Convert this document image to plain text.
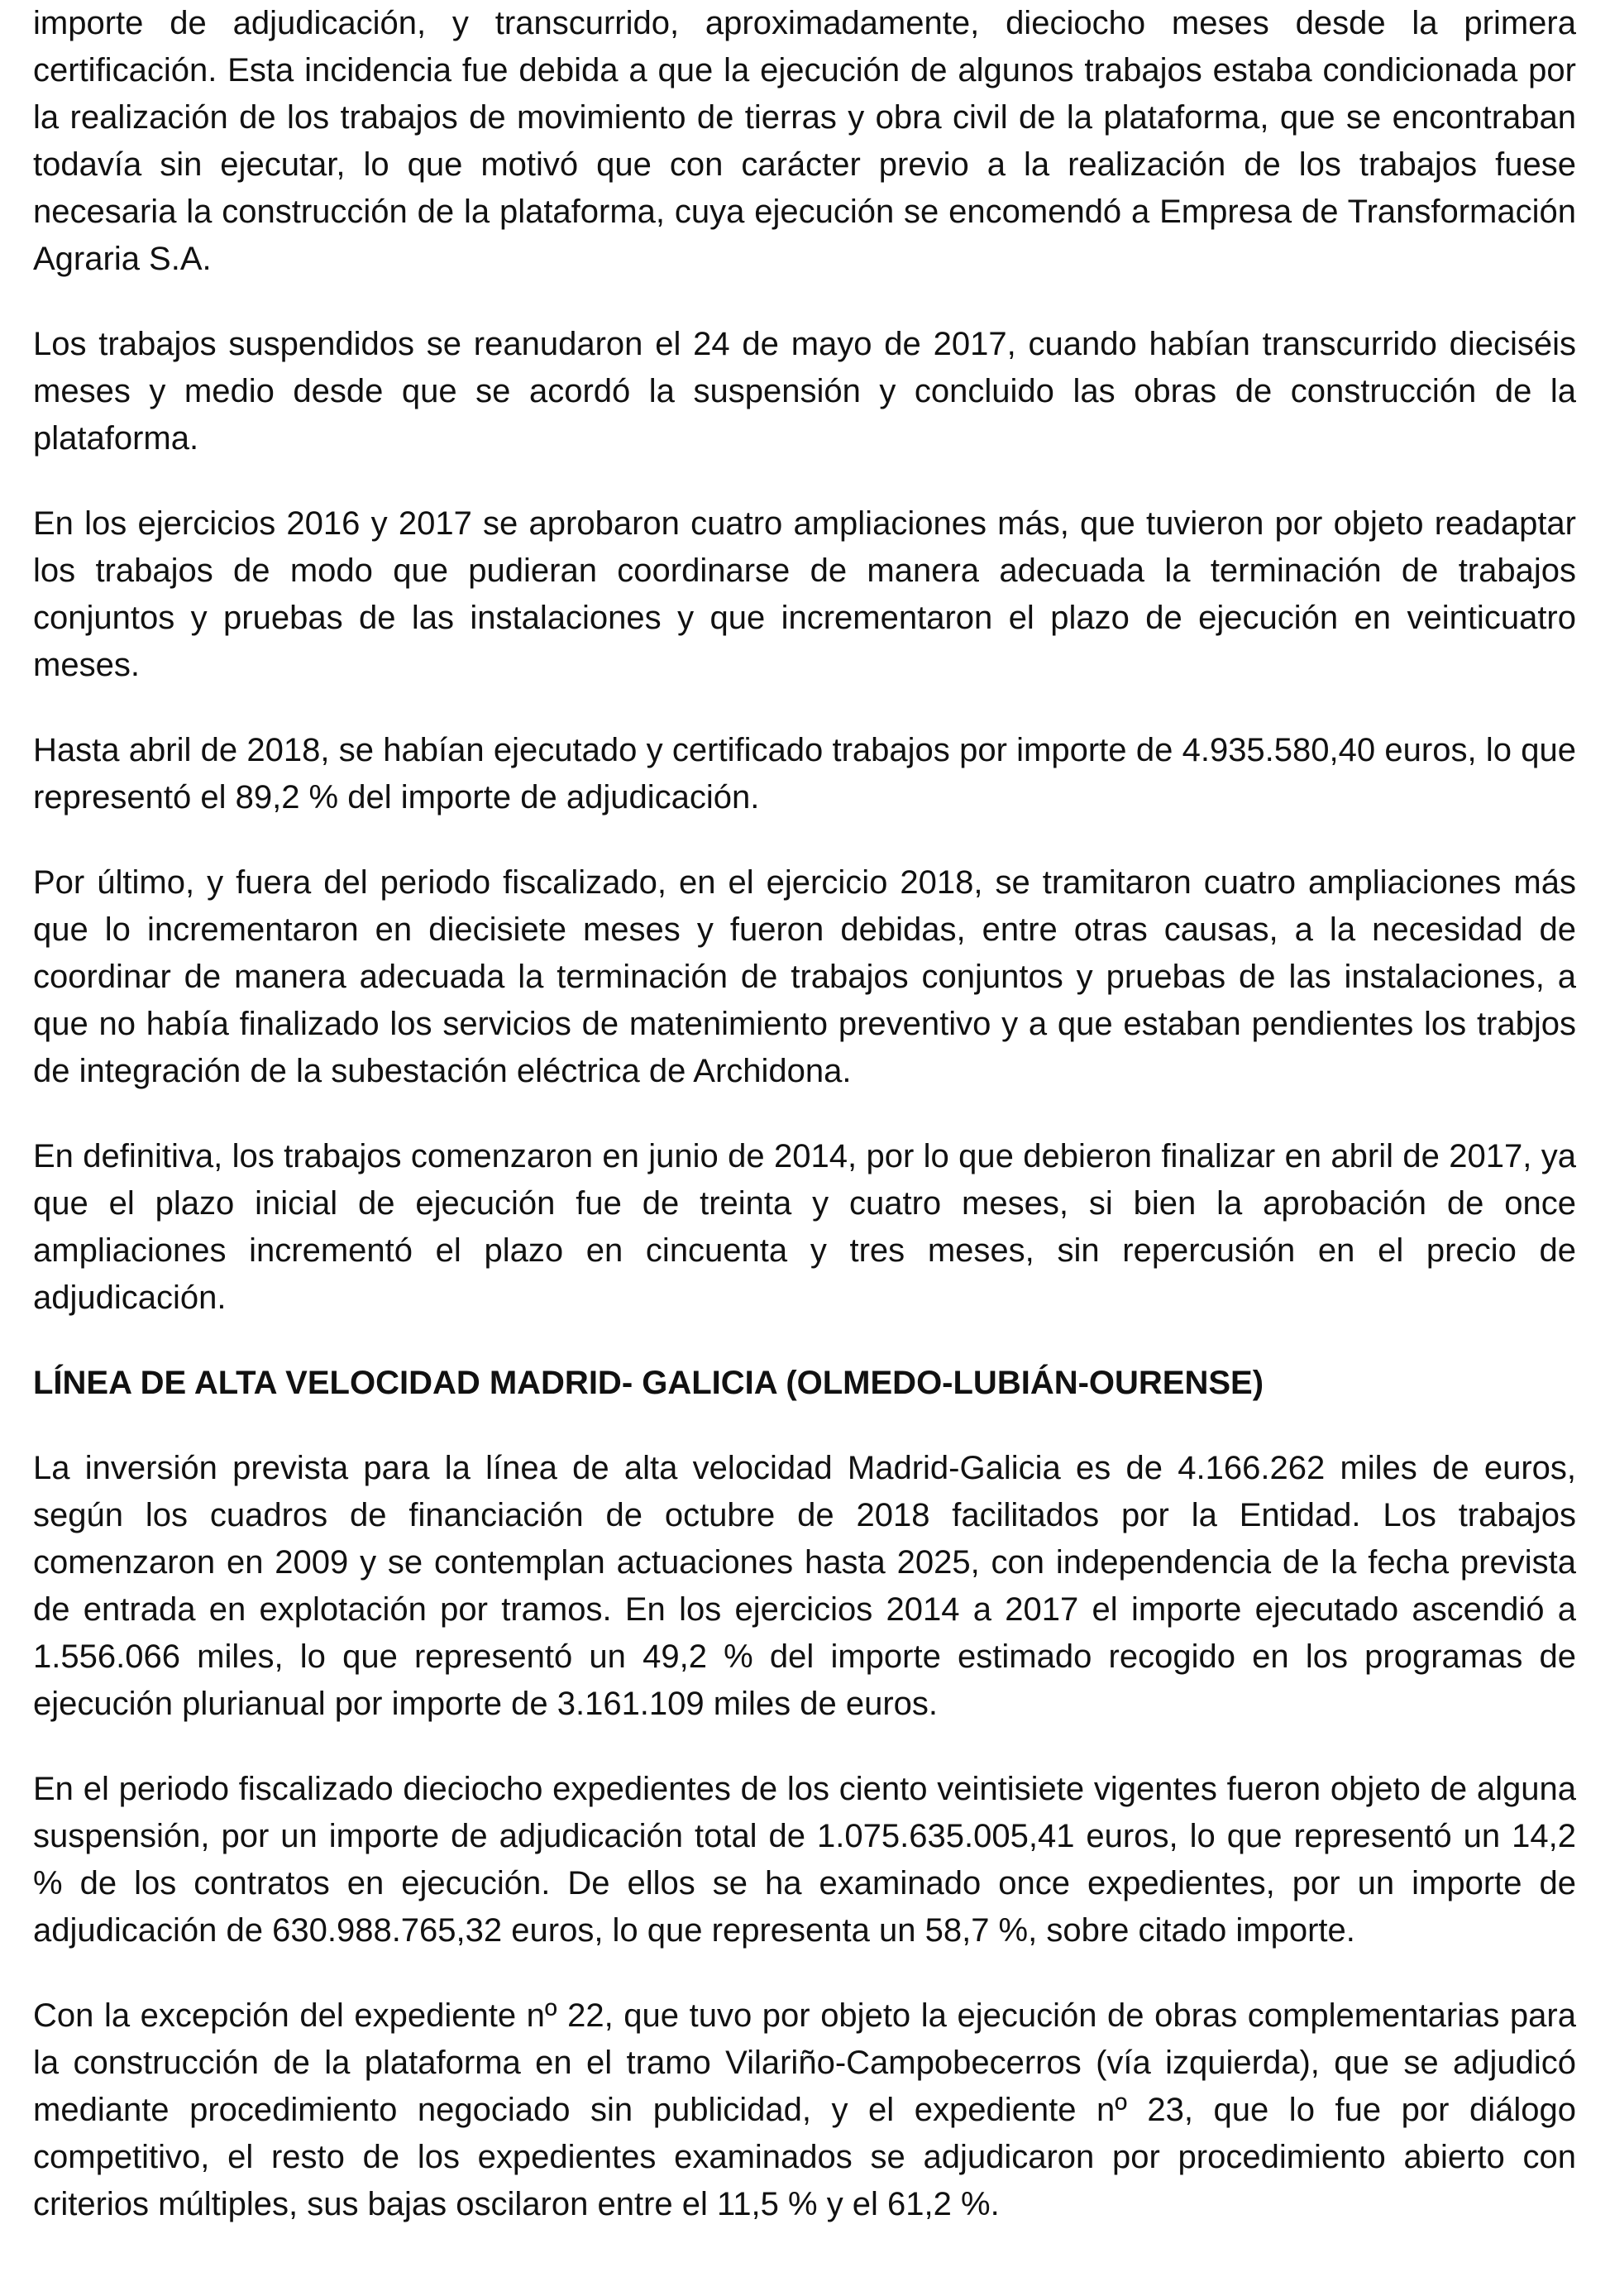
importe de adjudicación, y transcurrido, aproximadamente, dieciocho meses desde la primera certificación. Esta incidencia fue debida a que la ejecución de algunos trabajos estaba condicionada por la realización de los trabajos de movimiento de tierras y obra civil de la plataforma, que se encontraban todavía sin ejecutar, lo que motivó que con carácter previo a la realización de los trabajos fuese necesaria la construcción de la plataforma, cuya ejecución se encomendó a Empresa de Transformación Agraria S.A.

Los trabajos suspendidos se reanudaron el 24 de mayo de 2017, cuando habían transcurrido dieciséis meses y medio desde que se acordó la suspensión y concluido las obras de construcción de la plataforma.

En los ejercicios 2016 y 2017 se aprobaron cuatro ampliaciones más, que tuvieron por objeto readaptar los trabajos de modo que pudieran coordinarse de manera adecuada la terminación de trabajos conjuntos y pruebas de las instalaciones y que incrementaron el plazo de ejecución en veinticuatro meses.

Hasta abril de 2018, se habían ejecutado y certificado trabajos por importe de 4.935.580,40 euros, lo que representó el 89,2 % del importe de adjudicación.

Por último, y fuera del periodo fiscalizado, en el ejercicio 2018, se tramitaron cuatro ampliaciones más que lo incrementaron en diecisiete meses y fueron debidas, entre otras causas, a la necesidad de coordinar de manera adecuada la terminación de trabajos conjuntos y pruebas de las instalaciones, a que no había finalizado los servicios de matenimiento preventivo y a que estaban pendientes los trabjos de integración de la subestación eléctrica de Archidona.

En definitiva, los trabajos comenzaron en junio de 2014, por lo que debieron finalizar en abril de 2017, ya que el plazo inicial de ejecución fue de treinta y cuatro meses, si bien la aprobación de once ampliaciones incrementó el plazo en cincuenta y tres meses, sin repercusión en el precio de adjudicación.

LÍNEA DE ALTA VELOCIDAD MADRID- GALICIA (OLMEDO-LUBIÁN-OURENSE)

La inversión prevista para la línea de alta velocidad Madrid-Galicia es de 4.166.262 miles de euros, según los cuadros de financiación de octubre de 2018 facilitados por la Entidad. Los trabajos comenzaron en 2009 y se contemplan actuaciones hasta 2025, con independencia de la fecha prevista de entrada en explotación por tramos. En los ejercicios 2014 a 2017 el importe ejecutado ascendió a 1.556.066 miles, lo que representó un 49,2 % del importe estimado recogido en los programas de ejecución plurianual por importe de 3.161.109 miles de euros.

En el periodo fiscalizado dieciocho expedientes de los ciento veintisiete vigentes fueron objeto de alguna suspensión, por un importe de adjudicación total de 1.075.635.005,41 euros, lo que representó un 14,2 % de los contratos en ejecución. De ellos se ha examinado once expedientes, por un importe de adjudicación de 630.988.765,32 euros, lo que representa un 58,7 %, sobre citado importe.

Con la excepción del expediente nº 22, que tuvo por objeto la ejecución de obras complementarias para la construcción de la plataforma en el tramo Vilariño-Campobecerros (vía izquierda), que se adjudicó mediante procedimiento negociado sin publicidad, y el expediente nº 23, que lo fue por diálogo competitivo, el resto de los expedientes examinados se adjudicaron por procedimiento abierto con criterios múltiples, sus bajas oscilaron entre el 11,5 % y el 61,2 %.
